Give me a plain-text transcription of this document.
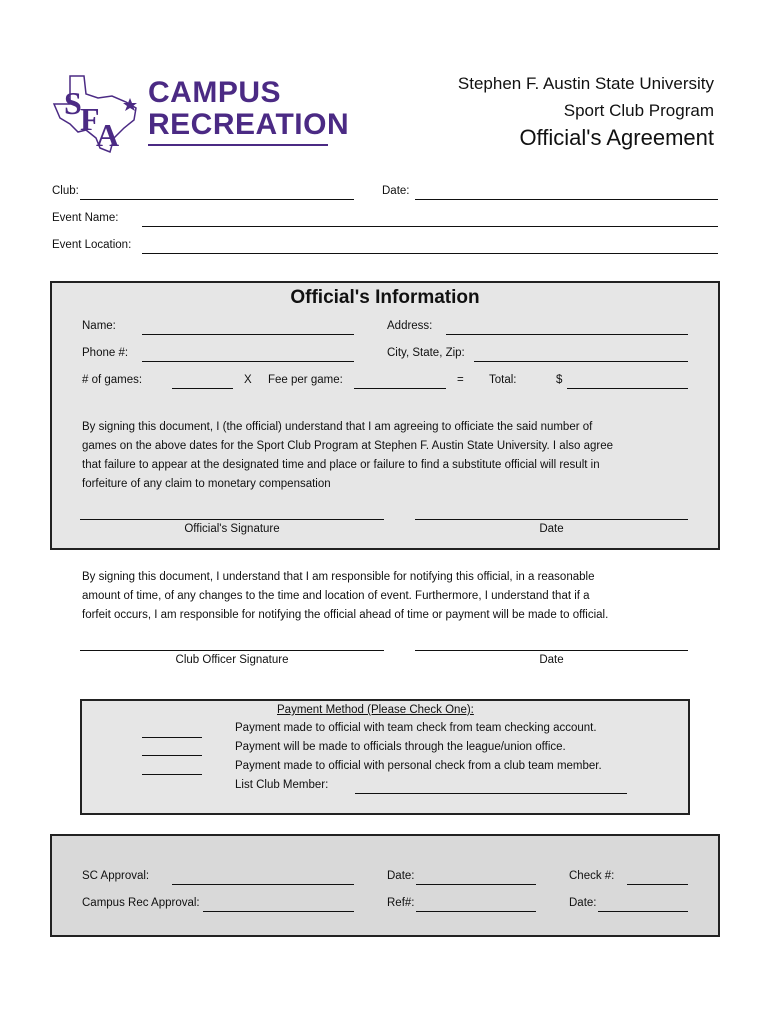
S
F
A
CAMPUS
RECREATION
Stephen F. Austin State University
Sport Club Program
Official's Agreement
Club:	Date:
Event Name:
Event Location:
Official's Information
Name:	Address:
Phone #:	City, State, Zip:
# of games:	X Fee per game:	= Total:	$
By signing this document, I (the official) understand that I am agreeing to officiate the said number of
games on the above dates for the Sport Club Program at Stephen F. Austin State University. I also agree
that failure to appear at the designated time and place or failure to find a substitute official will result in
forfeiture of any claim to monetary compensation
Official's Signature	Date
By signing this document, I understand that I am responsible for notifying this official, in a reasonable
amount of time, of any changes to the time and location of event. Furthermore, I understand that if a
forfeit occurs, I am responsible for notifying the official ahead of time or payment will be made to official.
Club Officer Signature	Date
Payment Method (Please Check One):
Payment made to official with team check from team checking account.
Payment will be made to officials through the league/union office.
Payment made to official with personal check from a club team member.
List Club Member:
SC Approval:	Date:	Check #:
Campus Rec Approval:	Ref#:	Date:
